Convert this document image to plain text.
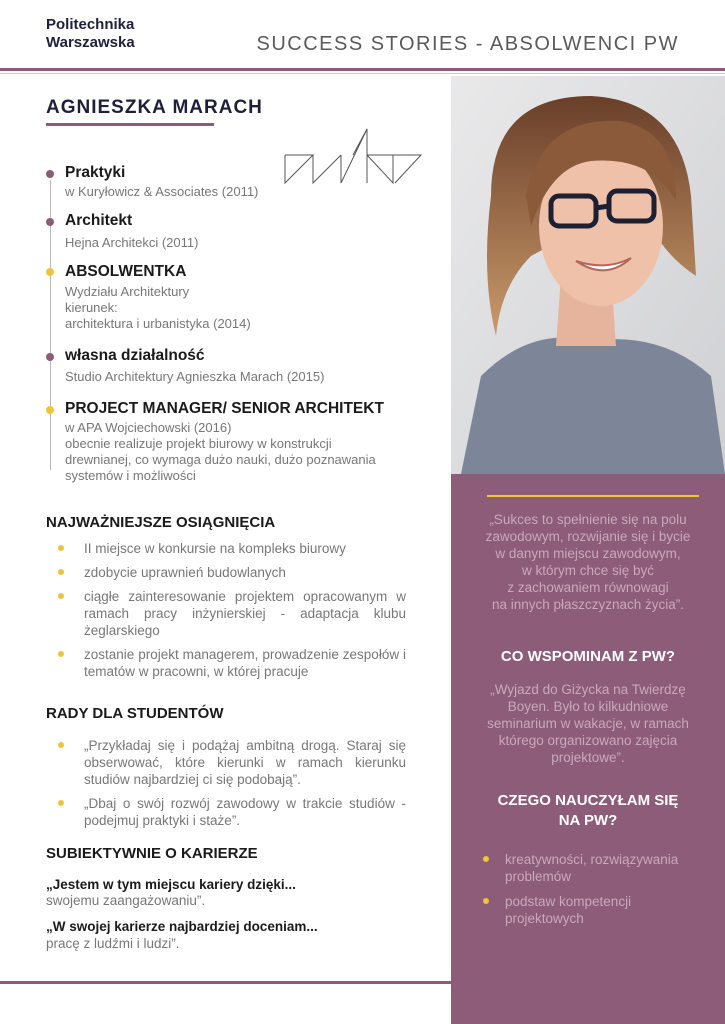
Politechnika
Warszawska	SUCCESS STORIES - ABSOLWENCI PW
AGNIESZKA MARACH
Praktyki
w Kuryłowicz & Associates (2011)
Architekt
Hejna Architekci (2011)
ABSOLWENTKA
Wydziału Architektury
kierunek:
architektura i urbanistyka (2014)
własna działalność
Studio Architektury Agnieszka Marach (2015)
PROJECT MANAGER/ SENIOR ARCHITEKT
w APA Wojciechowski (2016)
obecnie realizuje projekt biurowy w konstrukcji
drewnianej, co wymaga dużo nauki, dużo poznawania
systemów i możliwości
„Sukces to spełnienie się na polu
zawodowym, rozwijanie się i bycie
w danym miejscu zawodowym,
w którym chce się być
z zachowaniem równowagi
na innych płaszczyznach życia”.
CO WSPOMINAM Z PW?
„Wyjazd do Giżycka na Twierdzę
Boyen. Było to kilkudniowe
seminarium w wakacje, w ramach
którego organizowano zajęcia
projektowe”.
CZEGO NAUCZYŁAM SIĘ
NA PW?
kreatywności, rozwiązywania problemów
podstaw kompetencji projektowych
NAJWAŻNIEJSZE OSIĄGNIĘCIA
II miejsce w konkursie na kompleks biurowy
zdobycie uprawnień budowlanych
ciągłe zainteresowanie projektem opracowanym w ramach pracy inżynierskiej - adaptacja klubu żeglarskiego
zostanie projekt managerem, prowadzenie zespołów i tematów w pracowni, w której pracuje
RADY DLA STUDENTÓW
„Przykładaj się i podążaj ambitną drogą. Staraj się obserwować, które kierunki w ramach kierunku studiów najbardziej ci się podobają”.
„Dbaj o swój rozwój zawodowy w trakcie studiów - podejmuj praktyki i staże”.
SUBIEKTYWNIE O KARIERZE
„Jestem w tym miejscu kariery dzięki...
swojemu zaangażowaniu”.
„W swojej karierze najbardziej doceniam...
pracę z ludźmi i ludzi”.
